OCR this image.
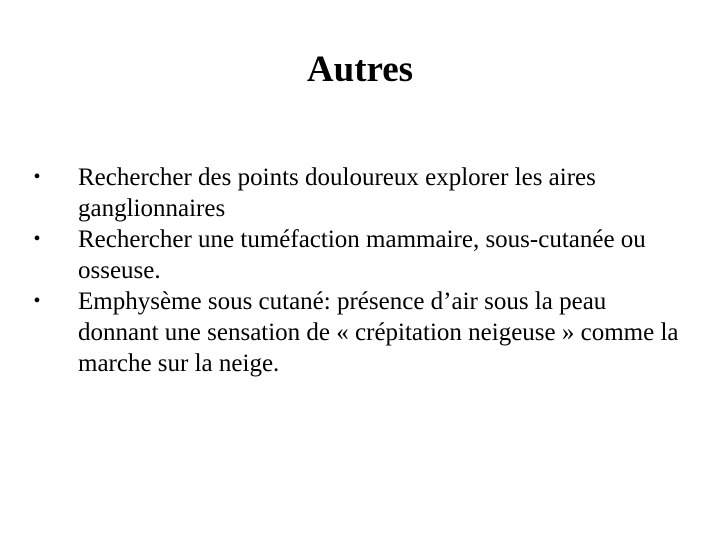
Autres
• Rechercher des points douloureux explorer les aires ganglionnaires
• Rechercher une tuméfaction mammaire, sous-cutanée ou osseuse.
• Emphysème sous cutané: présence d’air sous la peau donnant une sensation de « crépitation neigeuse » comme la marche sur la neige.
